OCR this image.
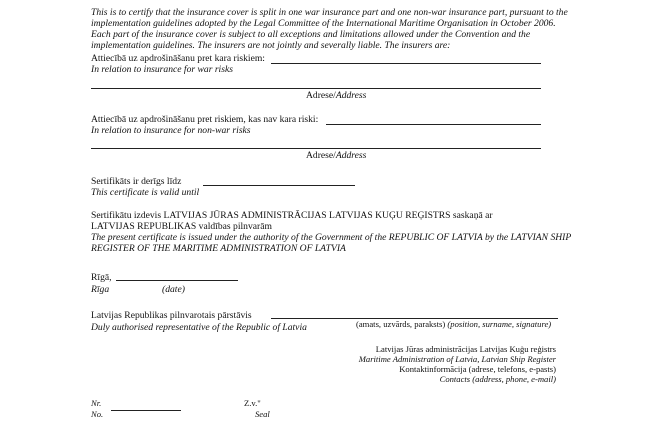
This is to certify that the insurance cover is split in one war insurance part and one non-war insurance part, pursuant to the
implementation guidelines adopted by the Legal Committee of the International Maritime Organisation in October 2006.
Each part of the insurance cover is subject to all exceptions and limitations allowed under the Convention and the
implementation guidelines. The insurers are not jointly and severally liable. The insurers are:
Attiecībā uz apdrošināšanu pret kara riskiem:
In relation to insurance for war risks
Adrese/Address
Attiecībā uz apdrošināšanu pret riskiem, kas nav kara riski:
In relation to insurance for non-war risks
Adrese/Address
Sertifikāts ir derīgs līdz
This certificate is valid until
Sertifikātu izdevis LATVIJAS JŪRAS ADMINISTRĀCIJAS LATVIJAS KUĢU REĢISTRS saskaņā ar
LATVIJAS REPUBLIKAS valdības pilnvarām
The present certificate is issued under the authority of the Government of the REPUBLIC OF LATVIA by the LATVIAN SHIP
REGISTER OF THE MARITIME ADMINISTRATION OF LATVIA
Rīgā,
Rīga	(date)
Latvijas Republikas pilnvarotais pārstāvis
(amats, uzvārds, paraksts) (position, surname, signature)
Duly authorised representative of the Republic of Latvia
Latvijas Jūras administrācijas Latvijas Kuģu reģistrs
Maritime Administration of Latvia, Latvian Ship Register
Kontaktinformācija (adrese, telefons, e-pasts)
Contacts (address, phone, e-mail)
Nr.
No.
Z.v."
Seal
